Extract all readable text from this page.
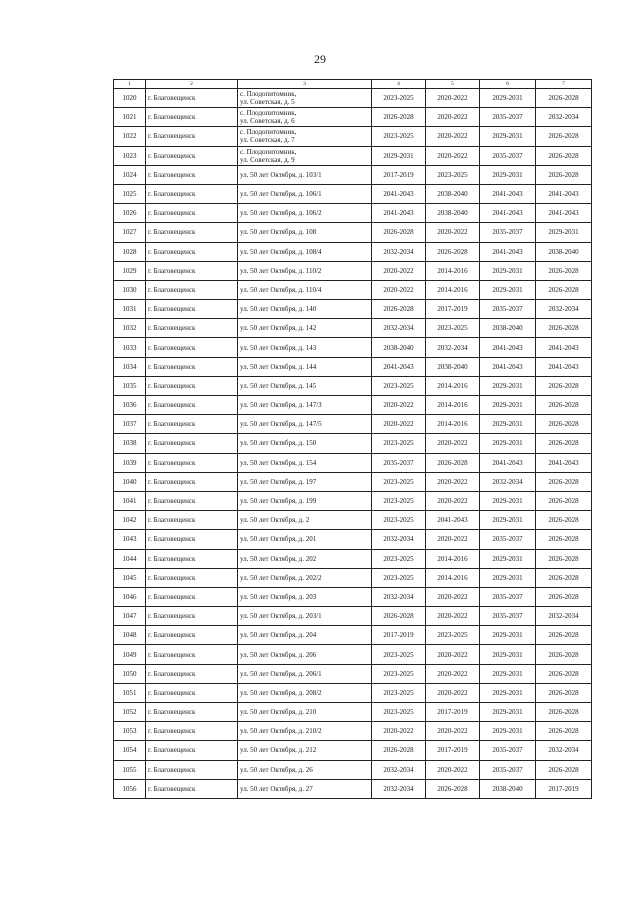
29
1	2	3	4	5	6	7
1020	г. Благовещенск	с. Плодопитомник,
ул. Советская, д. 5	2023-2025	2020-2022	2029-2031	2026-2028
1021	г. Благовещенск	с. Плодопитомник,
ул. Советская, д. 6	2026-2028	2020-2022	2035-2037	2032-2034
1022	г. Благовещенск	с. Плодопитомник,
ул. Советская, д. 7	2023-2025	2020-2022	2029-2031	2026-2028
1023	г. Благовещенск	с. Плодопитомник,
ул. Советская, д. 9	2029-2031	2020-2022	2035-2037	2026-2028
1024	г. Благовещенск	ул. 50 лет Октября, д. 103/1	2017-2019	2023-2025	2029-2031	2026-2028
1025	г. Благовещенск	ул. 50 лет Октября, д. 106/1	2041-2043	2038-2040	2041-2043	2041-2043
1026	г. Благовещенск	ул. 50 лет Октября, д. 106/2	2041-2043	2038-2040	2041-2043	2041-2043
1027	г. Благовещенск	ул. 50 лет Октября, д. 108	2026-2028	2020-2022	2035-2037	2029-2031
1028	г. Благовещенск	ул. 50 лет Октября, д. 108/4	2032-2034	2026-2028	2041-2043	2038-2040
1029	г. Благовещенск	ул. 50 лет Октября, д. 110/2	2020-2022	2014-2016	2029-2031	2026-2028
1030	г. Благовещенск	ул. 50 лет Октября, д. 110/4	2020-2022	2014-2016	2029-2031	2026-2028
1031	г. Благовещенск	ул. 50 лет Октября, д. 140	2026-2028	2017-2019	2035-2037	2032-2034
1032	г. Благовещенск	ул. 50 лет Октября, д. 142	2032-2034	2023-2025	2038-2040	2026-2028
1033	г. Благовещенск	ул. 50 лет Октября, д. 143	2038-2040	2032-2034	2041-2043	2041-2043
1034	г. Благовещенск	ул. 50 лет Октября, д. 144	2041-2043	2038-2040	2041-2043	2041-2043
1035	г. Благовещенск	ул. 50 лет Октября, д. 145	2023-2025	2014-2016	2029-2031	2026-2028
1036	г. Благовещенск	ул. 50 лет Октября, д. 147/3	2020-2022	2014-2016	2029-2031	2026-2028
1037	г. Благовещенск	ул. 50 лет Октября, д. 147/5	2020-2022	2014-2016	2029-2031	2026-2028
1038	г. Благовещенск	ул. 50 лет Октября, д. 150	2023-2025	2020-2022	2029-2031	2026-2028
1039	г. Благовещенск	ул. 50 лет Октября, д. 154	2035-2037	2026-2028	2041-2043	2041-2043
1040	г. Благовещенск	ул. 50 лет Октября, д. 197	2023-2025	2020-2022	2032-2034	2026-2028
1041	г. Благовещенск	ул. 50 лет Октября, д. 199	2023-2025	2020-2022	2029-2031	2026-2028
1042	г. Благовещенск	ул. 50 лет Октября, д. 2	2023-2025	2041-2043	2029-2031	2026-2028
1043	г. Благовещенск	ул. 50 лет Октября, д. 201	2032-2034	2020-2022	2035-2037	2026-2028
1044	г. Благовещенск	ул. 50 лет Октября, д. 202	2023-2025	2014-2016	2029-2031	2026-2028
1045	г. Благовещенск	ул. 50 лет Октября, д. 202/2	2023-2025	2014-2016	2029-2031	2026-2028
1046	г. Благовещенск	ул. 50 лет Октября, д. 203	2032-2034	2020-2022	2035-2037	2026-2028
1047	г. Благовещенск	ул. 50 лет Октября, д. 203/1	2026-2028	2020-2022	2035-2037	2032-2034
1048	г. Благовещенск	ул. 50 лет Октября, д. 204	2017-2019	2023-2025	2029-2031	2026-2028
1049	г. Благовещенск	ул. 50 лет Октября, д. 206	2023-2025	2020-2022	2029-2031	2026-2028
1050	г. Благовещенск	ул. 50 лет Октября, д. 206/1	2023-2025	2020-2022	2029-2031	2026-2028
1051	г. Благовещенск	ул. 50 лет Октября, д. 208/2	2023-2025	2020-2022	2029-2031	2026-2028
1052	г. Благовещенск	ул. 50 лет Октября, д. 210	2023-2025	2017-2019	2029-2031	2026-2028
1053	г. Благовещенск	ул. 50 лет Октября, д. 210/2	2020-2022	2020-2022	2029-2031	2026-2028
1054	г. Благовещенск	ул. 50 лет Октября, д. 212	2026-2028	2017-2019	2035-2037	2032-2034
1055	г. Благовещенск	ул. 50 лет Октября, д. 26	2032-2034	2020-2022	2035-2037	2026-2028
1056	г. Благовещенск	ул. 50 лет Октября, д. 27	2032-2034	2026-2028	2038-2040	2017-2019
